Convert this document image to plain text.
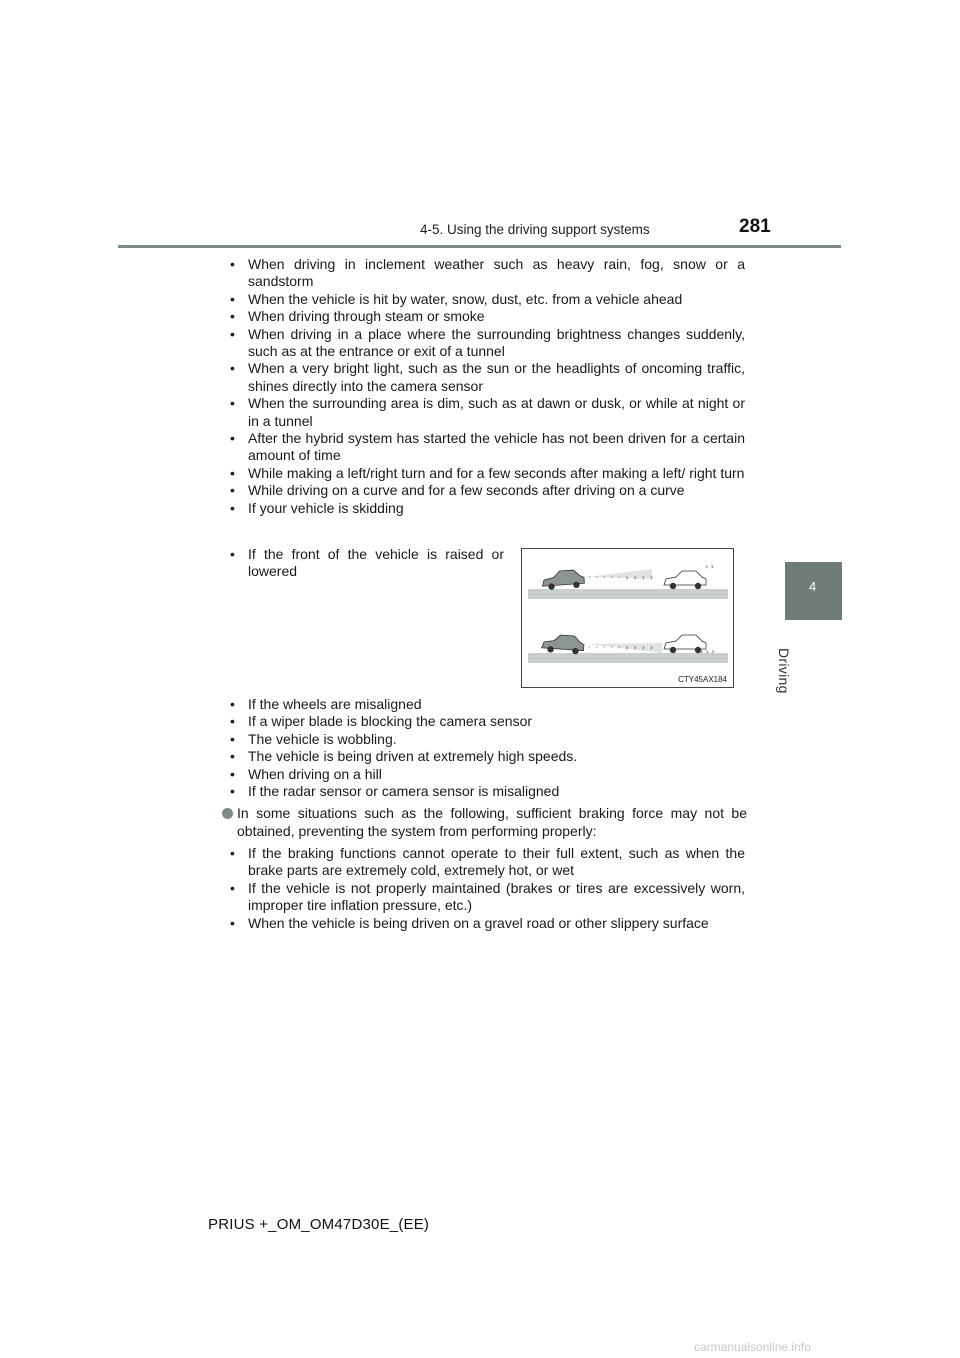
4-5. Using the driving support systems	281
4
Driving
• When driving in inclement weather such as heavy rain, fog, snow or a sandstorm
• When the vehicle is hit by water, snow, dust, etc. from a vehicle ahead
• When driving through steam or smoke
• When driving in a place where the surrounding brightness changes suddenly, such as at the entrance or exit of a tunnel
• When a very bright light, such as the sun or the headlights of oncoming traffic, shines directly into the camera sensor
• When the surrounding area is dim, such as at dawn or dusk, or while at night or in a tunnel
• After the hybrid system has started the vehicle has not been driven for a certain amount of time
• While making a left/right turn and for a few seconds after making a left/ right turn
• While driving on a curve and for a few seconds after driving on a curve
• If your vehicle is skidding
• If the front of the vehicle is raised or lowered	· · · · · › › › ›
› ›
· · · · · › › › ›	› › ›
CTY45AX184
• If the wheels are misaligned
• If a wiper blade is blocking the camera sensor
• The vehicle is wobbling.
• The vehicle is being driven at extremely high speeds.
• When driving on a hill
• If the radar sensor or camera sensor is misaligned

In some situations such as the following, sufficient braking force may not be obtained, preventing the system from performing properly:

• If the braking functions cannot operate to their full extent, such as when the brake parts are extremely cold, extremely hot, or wet
• If the vehicle is not properly maintained (brakes or tires are excessively worn, improper tire inflation pressure, etc.)
• When the vehicle is being driven on a gravel road or other slippery surface
PRIUS +_OM_OM47D30E_(EE)
carmanualsonline.info
